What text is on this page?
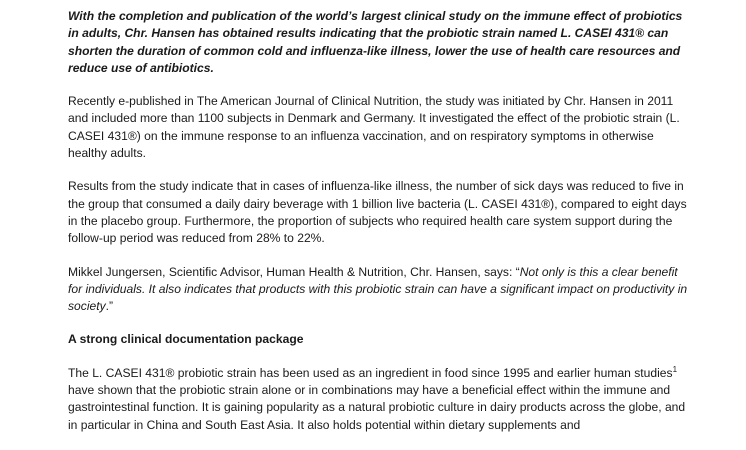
With the completion and publication of the world’s largest clinical study on the immune effect of probiotics in adults, Chr. Hansen has obtained results indicating that the probiotic strain named L. CASEI 431® can shorten the duration of common cold and influenza-like illness, lower the use of health care resources and reduce use of antibiotics.

Recently e-published in The American Journal of Clinical Nutrition, the study was initiated by Chr. Hansen in 2011 and included more than 1100 subjects in Denmark and Germany. It investigated the effect of the probiotic strain (L. CASEI 431®) on the immune response to an influenza vaccination, and on respiratory symptoms in otherwise healthy adults.

Results from the study indicate that in cases of influenza-like illness, the number of sick days was reduced to five in the group that consumed a daily dairy beverage with 1 billion live bacteria (L. CASEI 431®), compared to eight days in the placebo group. Furthermore, the proportion of subjects who required health care system support during the follow-up period was reduced from 28% to 22%.

Mikkel Jungersen, Scientific Advisor, Human Health & Nutrition, Chr. Hansen, says: “Not only is this a clear benefit for individuals. It also indicates that products with this probiotic strain can have a significant impact on productivity in society.”

A strong clinical documentation package

The L. CASEI 431® probiotic strain has been used as an ingredient in food since 1995 and earlier human studies$^1$ have shown that the probiotic strain alone or in combinations may have a beneficial effect within the immune and gastrointestinal function. It is gaining popularity as a natural probiotic culture in dairy products across the globe, and in particular in China and South East Asia. It also holds potential within dietary supplements and
